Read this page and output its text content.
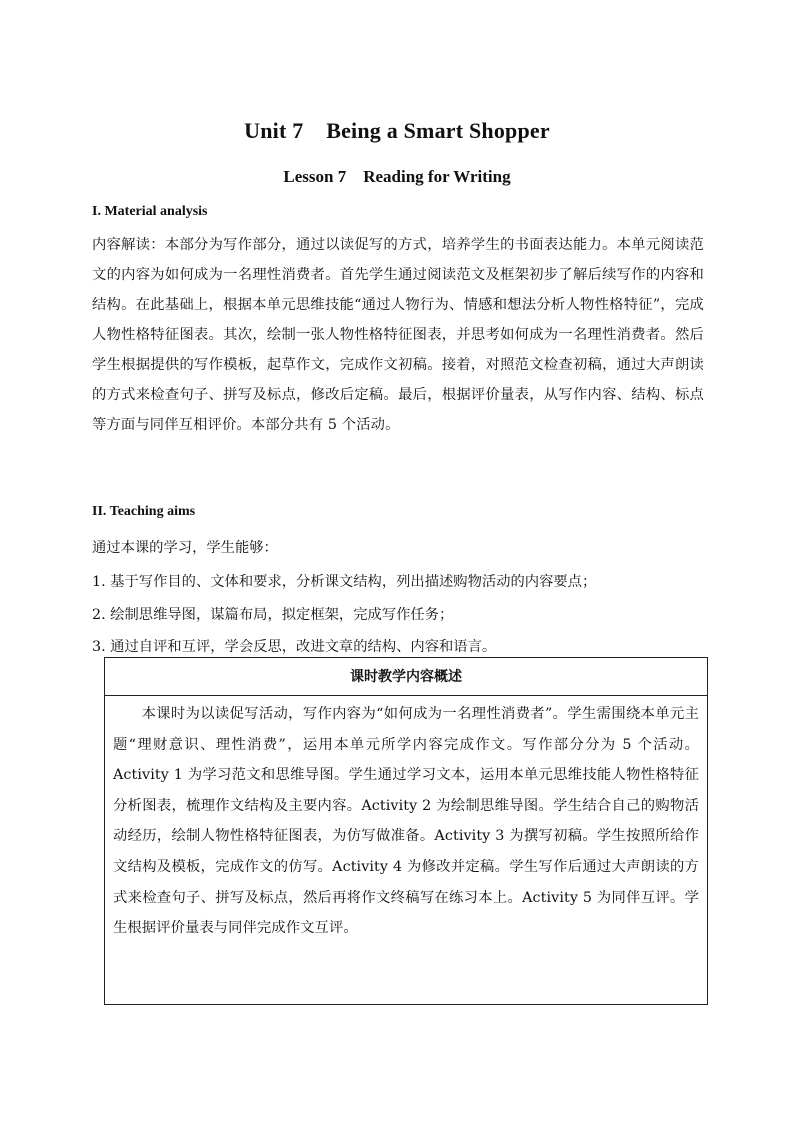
Unit 7    Being a Smart Shopper
Lesson 7    Reading for Writing
I. Material analysis
内容解读：本部分为写作部分，通过以读促写的方式，培养学生的书面表达能力。本单元阅读范文的内容为如何成为一名理性消费者。首先学生通过阅读范文及框架初步了解后续写作的内容和结构。在此基础上，根据本单元思维技能“通过人物行为、情感和想法分析人物性格特征”，完成人物性格特征图表。其次，绘制一张人物性格特征图表，并思考如何成为一名理性消费者。然后学生根据提供的写作模板，起草作文，完成作文初稿。接着，对照范文检查初稿，通过大声朗读的方式来检查句子、拼写及标点，修改后定稿。最后，根据评价量表，从写作内容、结构、标点等方面与同伴互相评价。本部分共有 5 个活动。
II. Teaching aims
通过本课的学习，学生能够：
1. 基于写作目的、文体和要求，分析课文结构，列出描述购物活动的内容要点；
2. 绘制思维导图，谋篇布局，拟定框架，完成写作任务；
3. 通过自评和互评，学会反思，改进文章的结构、内容和语言。
课时教学内容概述
本课时为以读促写活动，写作内容为“如何成为一名理性消费者”。学生需围绕本单元主题“理财意识、理性消费”，运用本单元所学内容完成作文。写作部分分为 5 个活动。Activity 1 为学习范文和思维导图。学生通过学习文本，运用本单元思维技能人物性格特征分析图表，梳理作文结构及主要内容。Activity 2 为绘制思维导图。学生结合自己的购物活动经历，绘制人物性格特征图表，为仿写做准备。Activity 3 为撰写初稿。学生按照所给作文结构及模板，完成作文的仿写。Activity 4 为修改并定稿。学生写作后通过大声朗读的方式来检查句子、拼写及标点，然后再将作文终稿写在练习本上。Activity 5 为同伴互评。学生根据评价量表与同伴完成作文互评。
